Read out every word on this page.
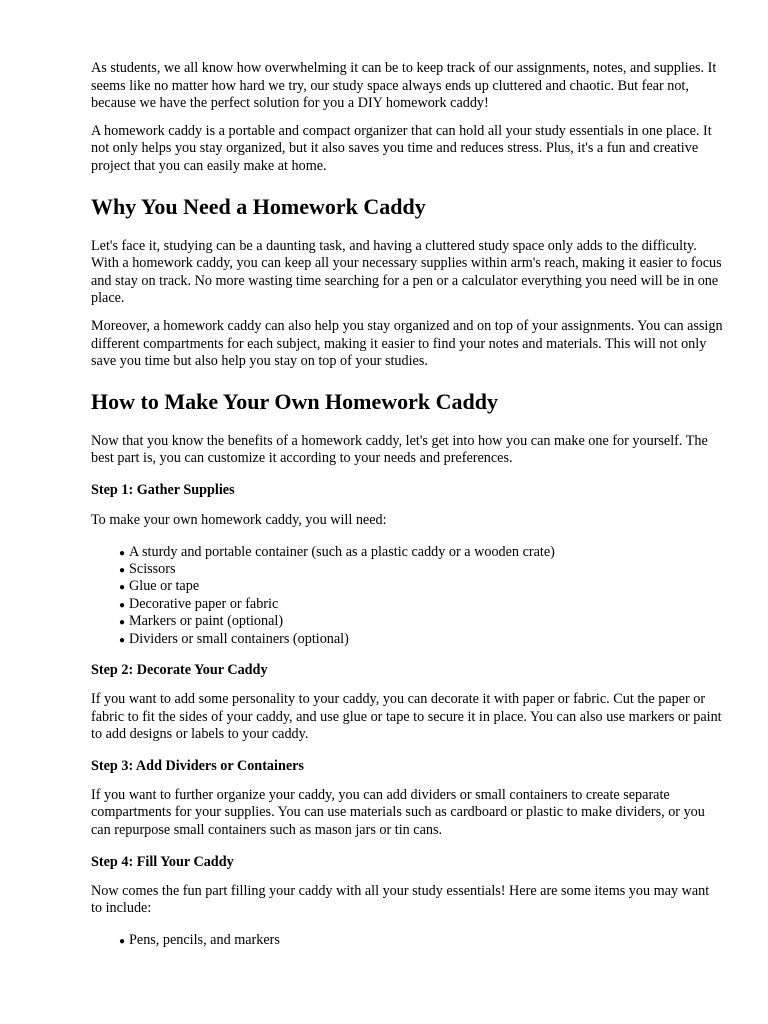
As students, we all know how overwhelming it can be to keep track of our assignments, notes, and supplies. It seems like no matter how hard we try, our study space always ends up cluttered and chaotic. But fear not, because we have the perfect solution for you a DIY homework caddy!

A homework caddy is a portable and compact organizer that can hold all your study essentials in one place. It not only helps you stay organized, but it also saves you time and reduces stress. Plus, it's a fun and creative project that you can easily make at home.

Why You Need a Homework Caddy

Let's face it, studying can be a daunting task, and having a cluttered study space only adds to the difficulty. With a homework caddy, you can keep all your necessary supplies within arm's reach, making it easier to focus and stay on track. No more wasting time searching for a pen or a calculator everything you need will be in one place.

Moreover, a homework caddy can also help you stay organized and on top of your assignments. You can assign different compartments for each subject, making it easier to find your notes and materials. This will not only save you time but also help you stay on top of your studies.

How to Make Your Own Homework Caddy

Now that you know the benefits of a homework caddy, let's get into how you can make one for yourself. The best part is, you can customize it according to your needs and preferences.

Step 1: Gather Supplies

To make your own homework caddy, you will need:

● A sturdy and portable container (such as a plastic caddy or a wooden crate)
● Scissors
● Glue or tape
● Decorative paper or fabric
● Markers or paint (optional)
● Dividers or small containers (optional)
Step 2: Decorate Your Caddy

If you want to add some personality to your caddy, you can decorate it with paper or fabric. Cut the paper or fabric to fit the sides of your caddy, and use glue or tape to secure it in place. You can also use markers or paint to add designs or labels to your caddy.

Step 3: Add Dividers or Containers

If you want to further organize your caddy, you can add dividers or small containers to create separate compartments for your supplies. You can use materials such as cardboard or plastic to make dividers, or you can repurpose small containers such as mason jars or tin cans.

Step 4: Fill Your Caddy

Now comes the fun part filling your caddy with all your study essentials! Here are some items you may want to include:

● Pens, pencils, and markers
